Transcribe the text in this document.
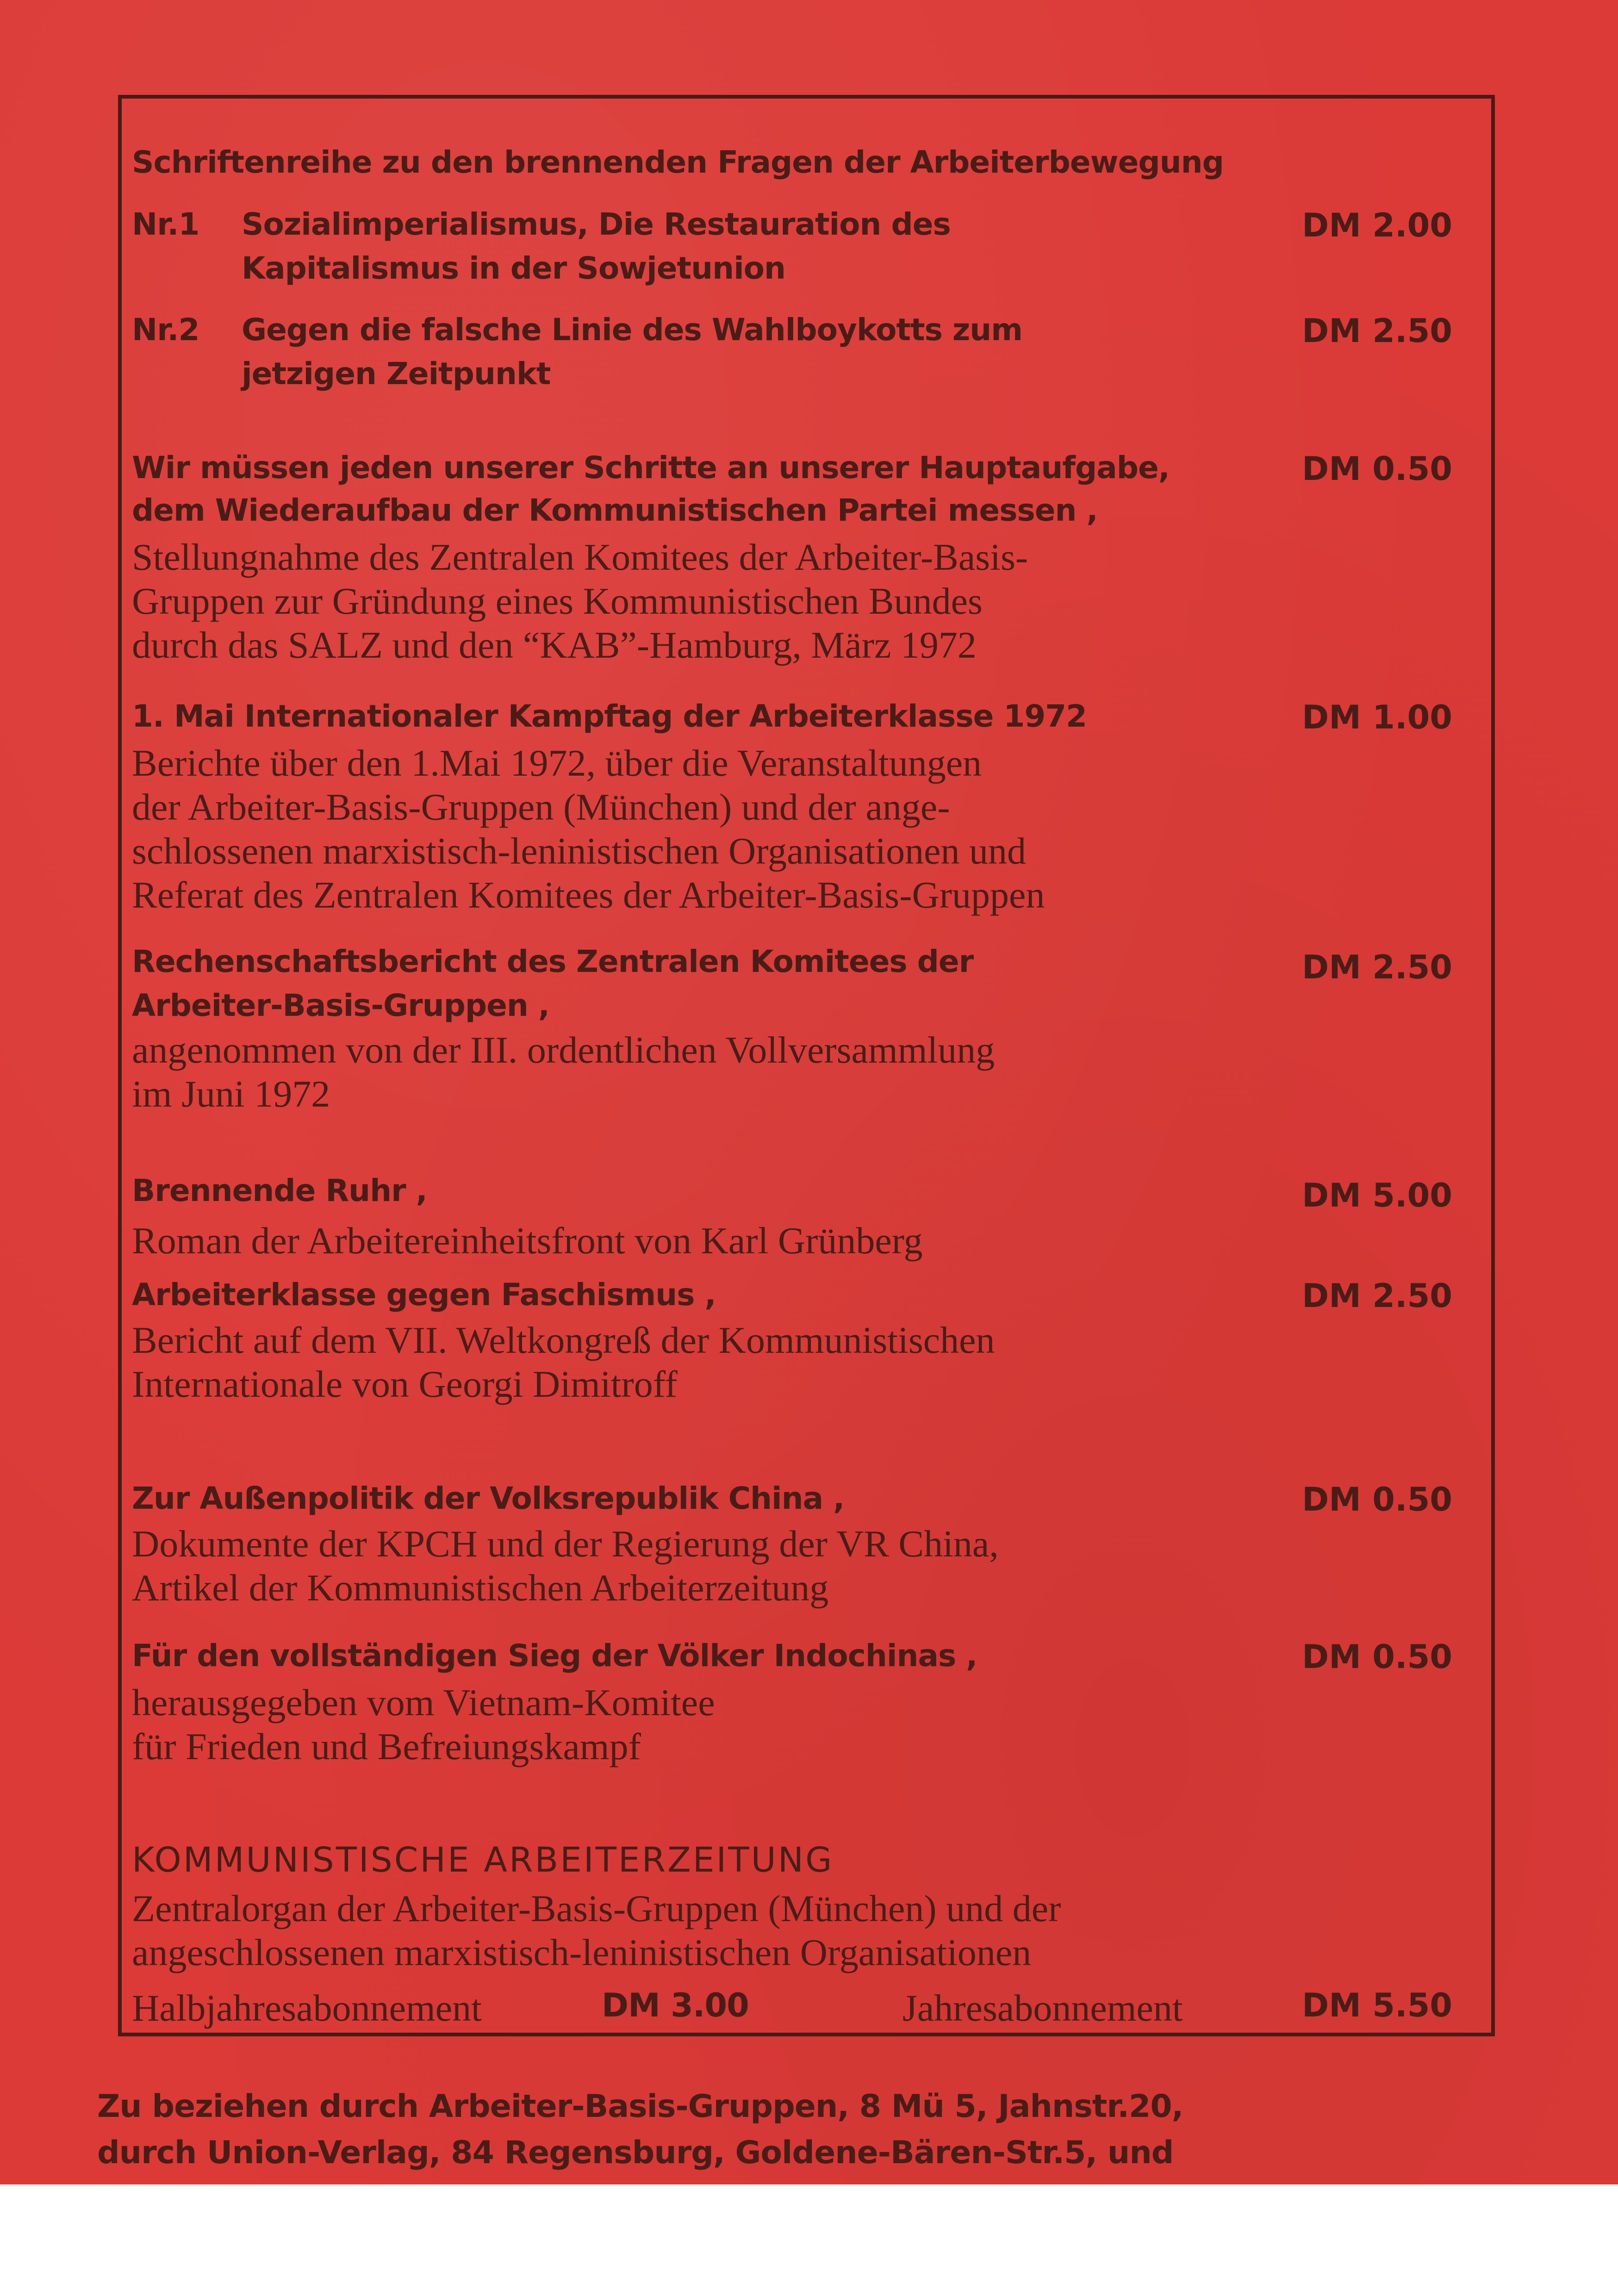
Schriftenreihe zu den brennenden Fragen der Arbeiterbewegung
Nr.1 Sozialimperialismus, Die Restauration des
Kapitalismus in der Sowjetunion
DM 2.00
Nr.2 Gegen die falsche Linie des Wahlboykotts zum
jetzigen Zeitpunkt
DM 2.50
Wir müssen jeden unserer Schritte an unserer Hauptaufgabe,
dem Wiederaufbau der Kommunistischen Partei messen ,
Stellungnahme des Zentralen Komitees der Arbeiter-Basis-
Gruppen zur Gründung eines Kommunistischen Bundes
durch das SALZ und den “KAB”-Hamburg, März 1972
DM 0.50
1. Mai Internationaler Kampftag der Arbeiterklasse 1972
Berichte über den 1.Mai 1972, über die Veranstaltungen
der Arbeiter-Basis-Gruppen (München) und der ange-
schlossenen marxistisch-leninistischen Organisationen und
Referat des Zentralen Komitees der Arbeiter-Basis-Gruppen
DM 1.00
Rechenschaftsbericht des Zentralen Komitees der
Arbeiter-Basis-Gruppen ,
angenommen von der III. ordentlichen Vollversammlung
im Juni 1972
DM 2.50
Brennende Ruhr ,
Roman der Arbeitereinheitsfront von Karl Grünberg
DM 5.00
Arbeiterklasse gegen Faschismus ,
Bericht auf dem VII. Weltkongreß der Kommunistischen
Internationale von Georgi Dimitroff
DM 2.50
Zur Außenpolitik der Volksrepublik China ,
Dokumente der KPCH und der Regierung der VR China,
Artikel der Kommunistischen Arbeiterzeitung
DM 0.50
Für den vollständigen Sieg der Völker Indochinas ,
herausgegeben vom Vietnam-Komitee
für Frieden und Befreiungskampf
DM 0.50
KOMMUNISTISCHE ARBEITERZEITUNG
Zentralorgan der Arbeiter-Basis-Gruppen (München) und der
angeschlossenen marxistisch-leninistischen Organisationen
Halbjahresabonnement	DM 3.00	Jahresabonnement	DM 5.50
Zu beziehen durch Arbeiter-Basis-Gruppen, 8 Mü 5, Jahnstr.20,
durch Union-Verlag, 84 Regensburg, Goldene-Bären-Str.5, und
